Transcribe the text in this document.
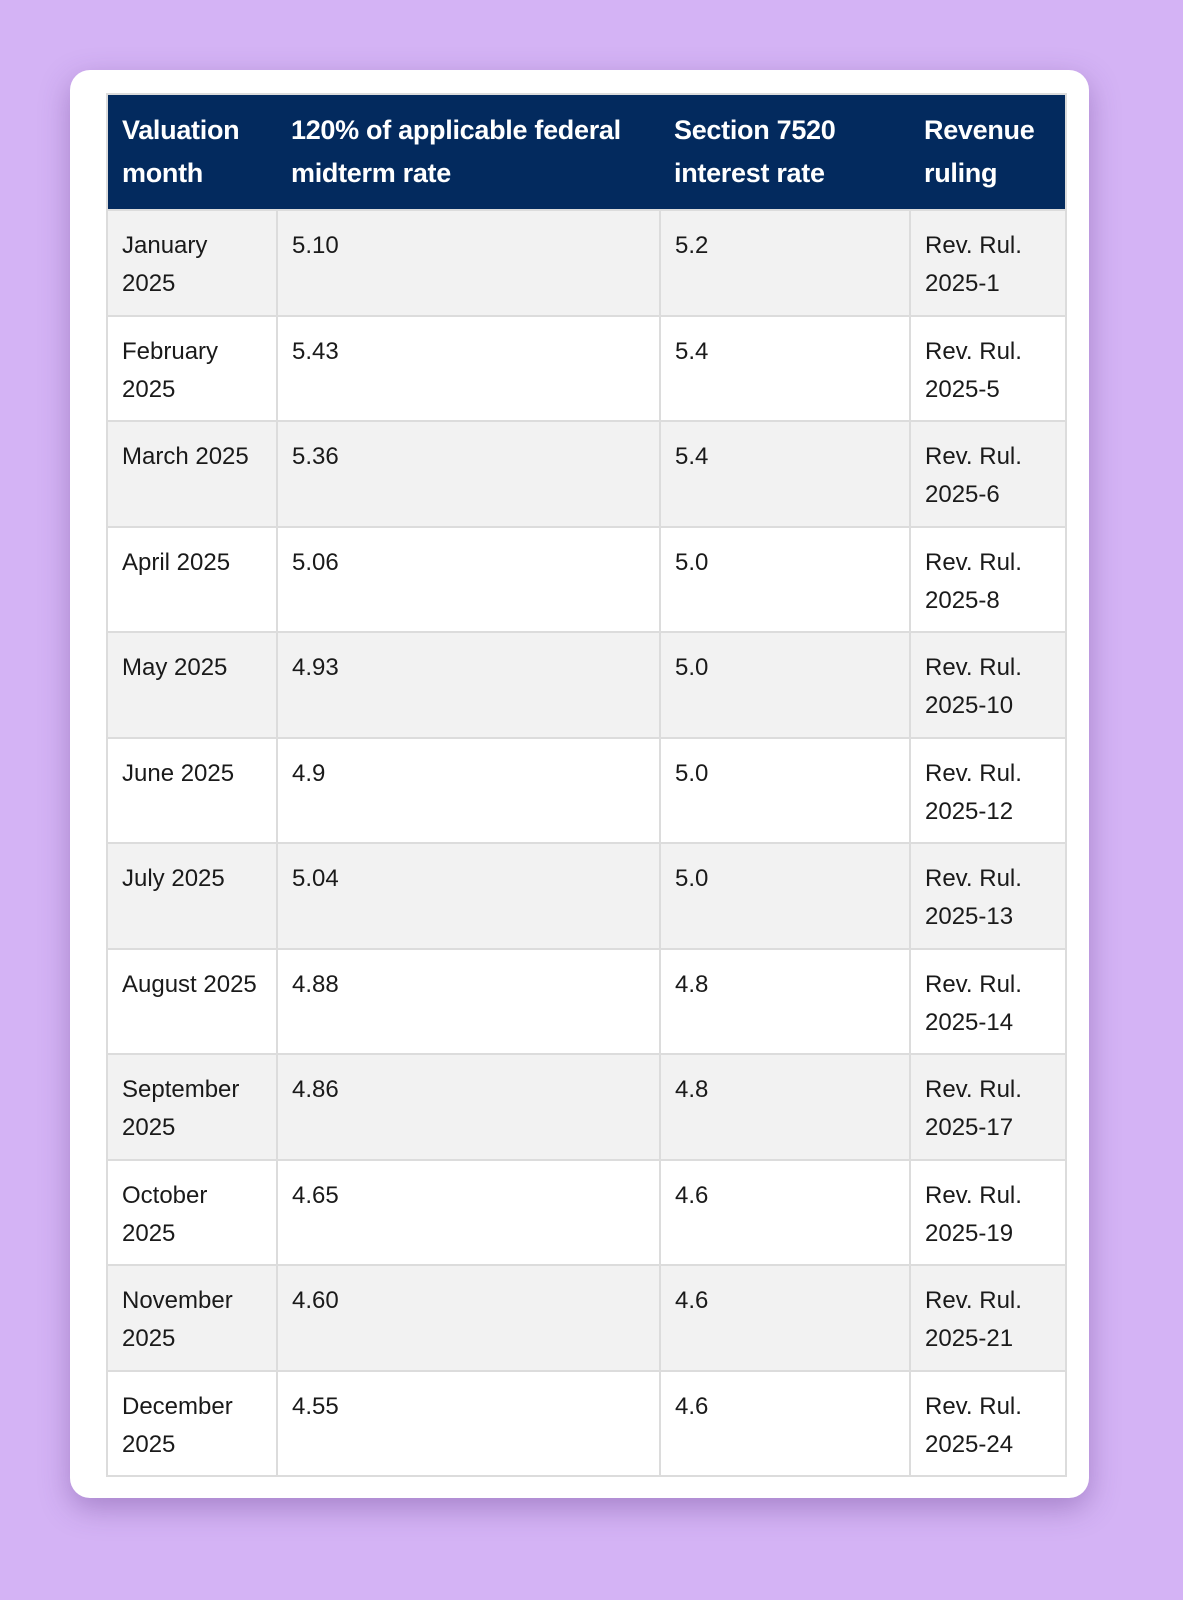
Valuation month	120% of applicable federal midterm rate	Section 7520 interest rate	Revenue ruling
January 2025	5.10	5.2	Rev. Rul. 2025-1
February 2025	5.43	5.4	Rev. Rul. 2025-5
March 2025	5.36	5.4	Rev. Rul. 2025-6
April 2025	5.06	5.0	Rev. Rul. 2025-8
May 2025	4.93	5.0	Rev. Rul. 2025-10
June 2025	4.9	5.0	Rev. Rul. 2025-12
July 2025	5.04	5.0	Rev. Rul. 2025-13
August 2025	4.88	4.8	Rev. Rul. 2025-14
September 2025	4.86	4.8	Rev. Rul. 2025-17
October 2025	4.65	4.6	Rev. Rul. 2025-19
November 2025	4.60	4.6	Rev. Rul. 2025-21
December 2025	4.55	4.6	Rev. Rul. 2025-24
